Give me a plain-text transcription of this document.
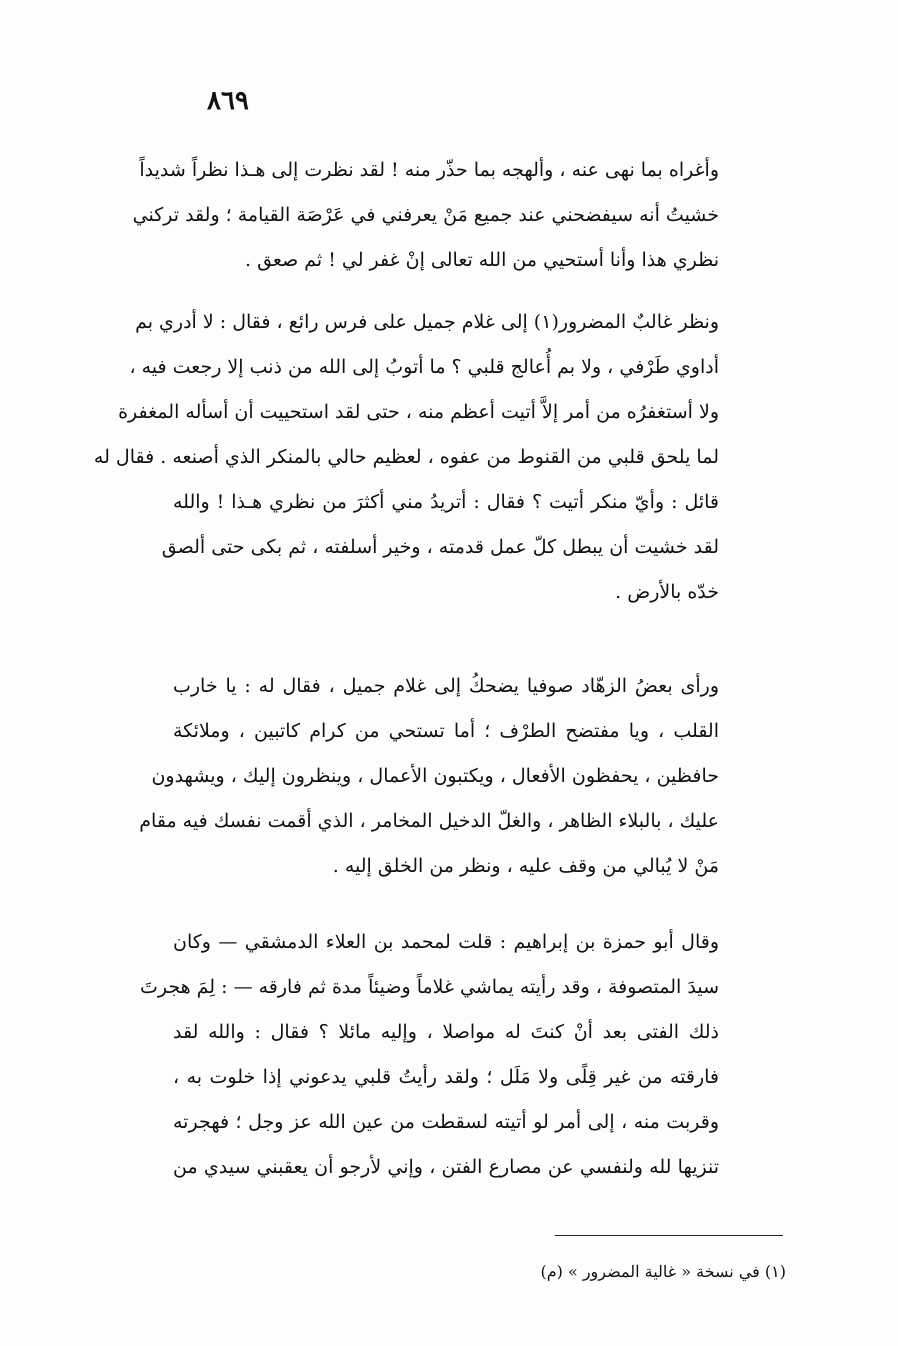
٨٦٩
وأغراه بما نهى عنه ، وألهجه بما حذّر منه ! لقد نظرت إلى هـذا نظراً شديداً
خشيتُ أنه سيفضحني عند جميع مَنْ يعرفني في عَرْصَة القيامة ؛ ولقد تركني
نظري هذا وأنا أستحيي من الله تعالى إنْ غفر لي ! ثم صعق .
ونظر غالبٌ المضرور(١) إلى غلام جميل على فرس رائع ، فقال : لا أدري بم
أداوي طَرْفي ، ولا بم أُعالج قلبي ؟ ما أتوبُ إلى الله من ذنب إلا رجعت فيه ،
ولا أستغفرُه من أمر إلاَّ أتيت أعظم منه ، حتى لقد استحييت أن أسأله المغفرة
لما يلحق قلبي من القنوط من عفوه ، لعظيم حالي بالمنكر الذي أصنعه . فقال له
قائل : وأيّ منكر أتيت ؟ فقال : أتريدُ مني أكثرَ من نظري هـذا ! والله
لقد خشيت أن يبطل كلّ عمل قدمته ، وخير أسلفته ، ثم بكى حتى ألصق
خدّه بالأرض .
ورأى بعضُ الزهّاد صوفيا يضحكُ إلى غلام جميل ، فقال له : يا خارب
القلب ، ويا مفتضح الطرْف ؛ أما تستحي من كرام كاتبين ، وملائكة
حافظين ، يحفظون الأفعال ، ويكتبون الأعمال ، وينظرون إليك ، ويشهدون
عليك ، بالبلاء الظاهر ، والغلّ الدخيل المخامر ، الذي أقمت نفسك فيه مقام
مَنْ لا يُبالي من وقف عليه ، ونظر من الخلق إليه .
وقال أبو حمزة بن إبراهيم : قلت لمحمد بن العلاء الدمشقي — وكان
سيدَ المتصوفة ، وقد رأيته يماشي غلاماً وضيئاً مدة ثم فارقه — : لِمَ هجرتَ
ذلك الفتى بعد أنْ كنتَ له مواصلا ، وإليه مائلا ؟ فقال : والله لقد
فارقته من غير قِلًى ولا مَلَل ؛ ولقد رأيتُ قلبي يدعوني إذا خلوت به ،
وقربت منه ، إلى أمر لو أتيته لسقطت من عين الله عز وجل ؛ فهجرته
تنزيها لله ولنفسي عن مصارع الفتن ، وإني لأرجو أن يعقبني سيدي من
(١) في نسخة « غالية المضرور » (م)
